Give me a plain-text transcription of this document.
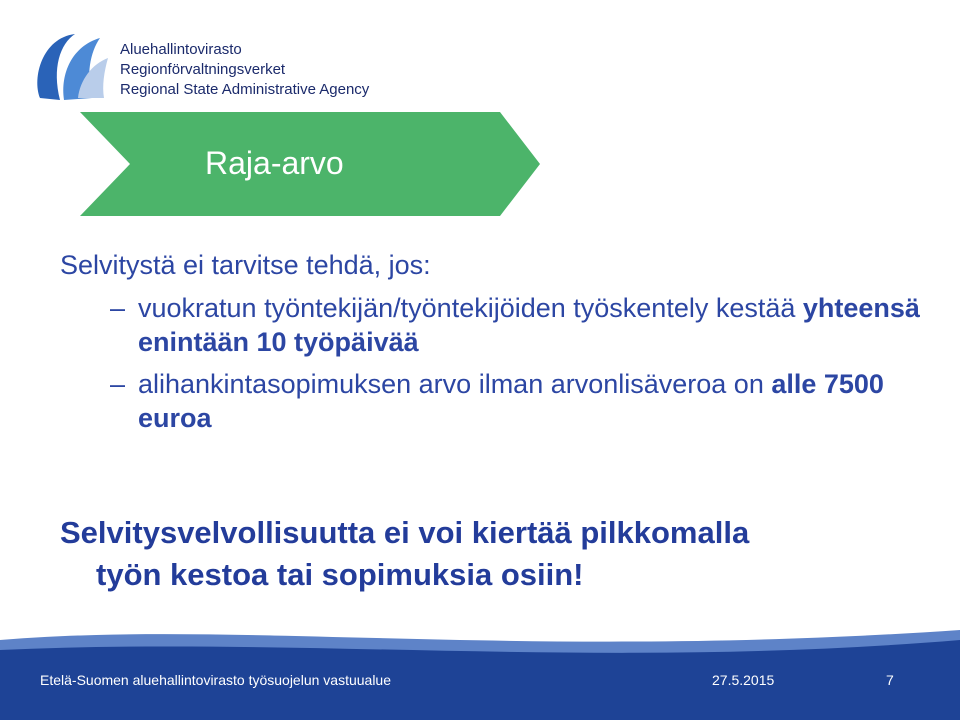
Aluehallintovirasto
Regionförvaltningsverket
Regional State Administrative Agency
Raja-arvo
Selvitystä ei tarvitse tehdä, jos:
– vuokratun työntekijän/työntekijöiden työskentely kestää yhteensä enintään 10 työpäivää
– alihankintasopimuksen arvo ilman arvonlisäveroa on alle 7500 euroa
Selvitysvelvollisuutta ei voi kiertää pilkkomalla
työn kestoa tai sopimuksia osiin!
Etelä-Suomen aluehallintovirasto työsuojelun vastuualue	27.5.2015	7
